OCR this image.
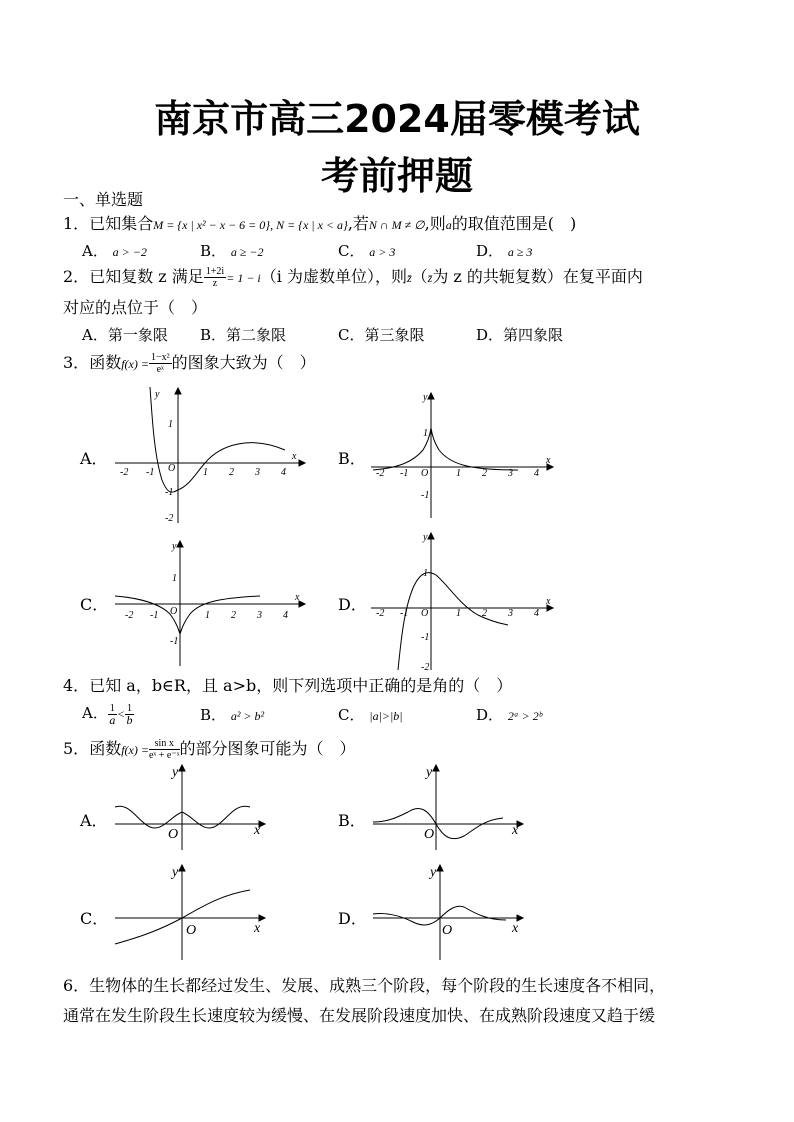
南京市高三2024届零模考试
考前押题
一、单选题
1．已知集合M = {x | x² − x − 6 = 0}, N = {x | x < a},若N ∩ M ≠ ∅,则a的取值范围是(　)
A． a > −2	B． a ≥ −2	C． a > 3	D． a ≥ 3
2．已知复数 z 满足 $\frac{1+2i}{z} = 1 - i(i$ 为虚数单位），则z̄（z̄为 z 的共轭复数）在复平面内
对应的点位于（　）
A．第一象限 B．第二象限	C．第三象限	D．第四象限
3．函数$f(x) = \frac{\text{1−x²}}{\text{eˣ}}$ 的图象大致为（　）
A．	B．
C．	D．
O
x
y
-2 -1	1 2 3 4
1
-1
-2
O
x
y
-2 -1	1 2 3 4
1
-1
O
x
y
-2 -1	1 2 3 4
1
-1
O
x
y
-2 -1	1 2 3 4
1
-1
-2
4．已知 a，b∈R，且 a>b，则下列选项中正确的是角的（　）
A． $\frac{1}{a} < \frac{1}{b}$	B． a² > b²	C． |a|>|b|	D． 2ᵃ > 2ᵇ
5．函数$f(x) = \frac{\text{sin x}}{\text{eˣ + e⁻ˣ}}$ 的部分图象可能为（　）
A．	B．
C．	D．
O	x
y
O	x
y
O	x
y
O	x
y
6．生物体的生长都经过发生、发展、成熟三个阶段，每个阶段的生长速度各不相同，
通常在发生阶段生长速度较为缓慢、在发展阶段速度加快、在成熟阶段速度又趋于缓
